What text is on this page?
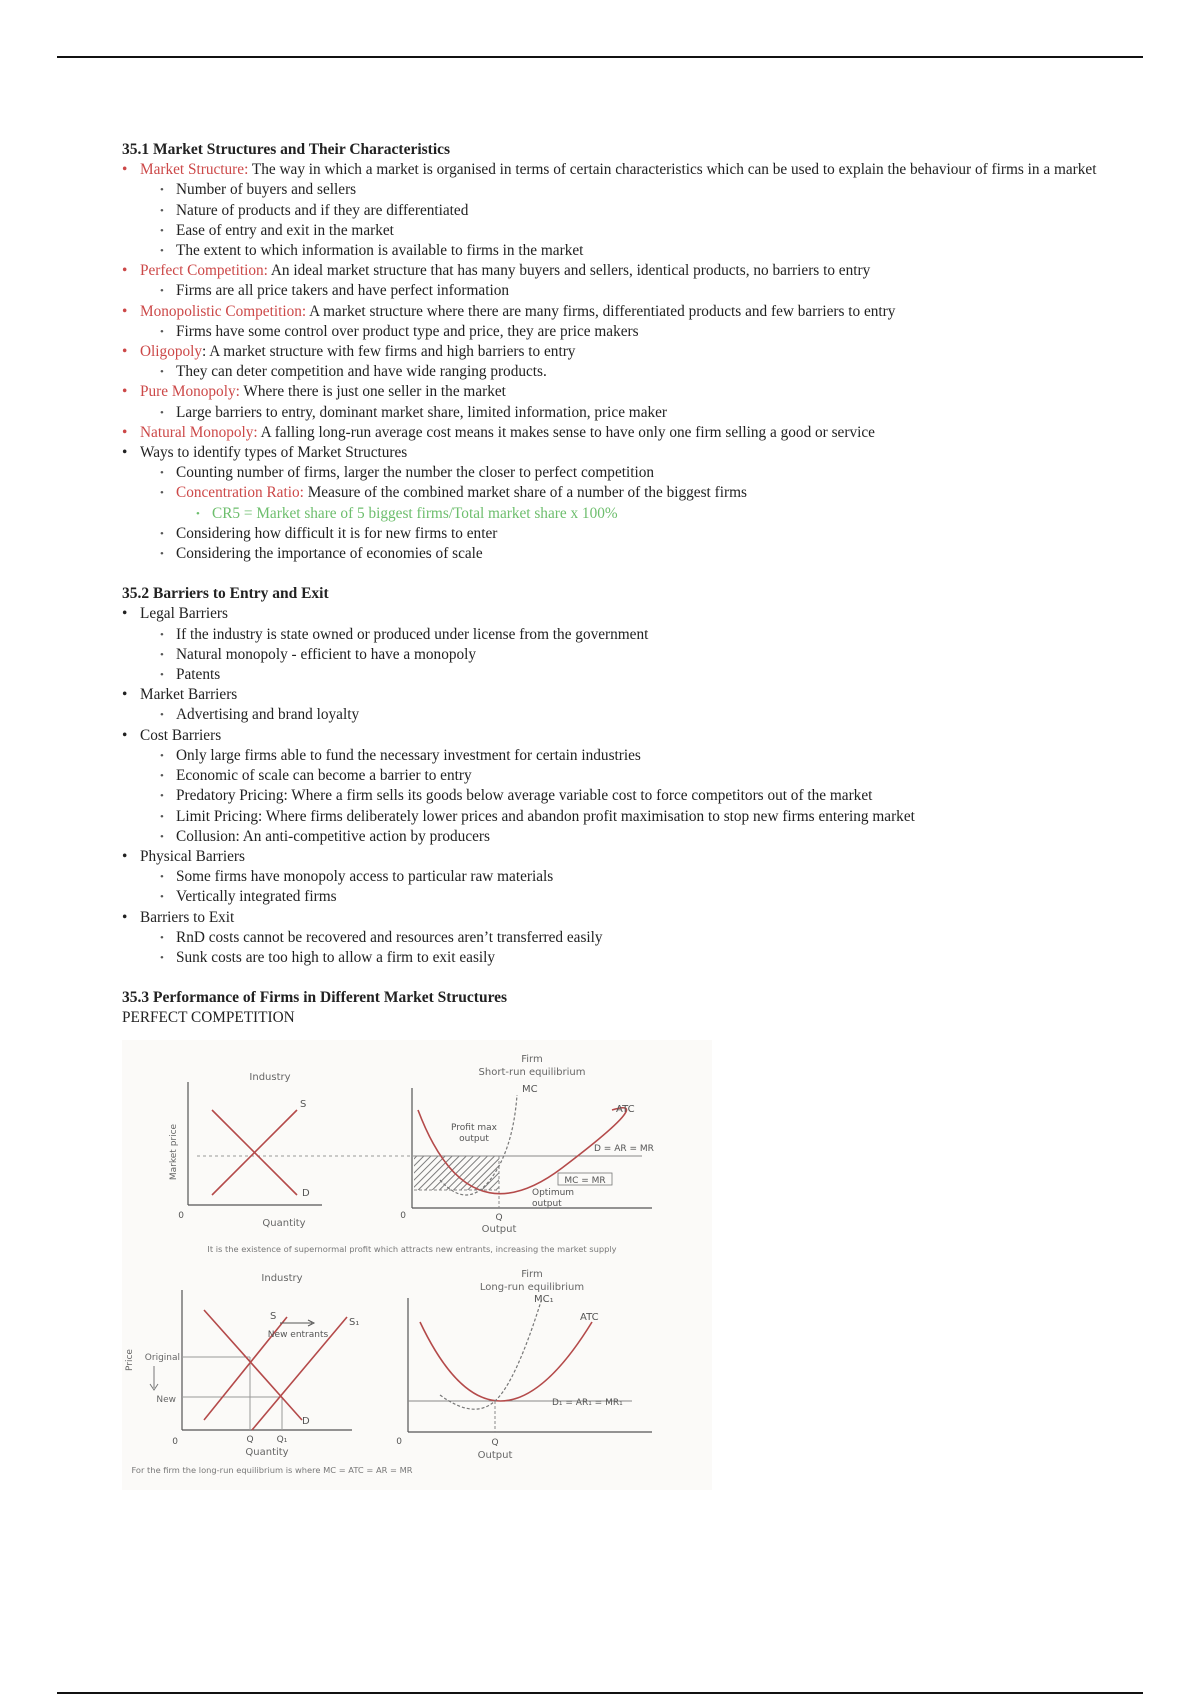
35.1 Market Structures and Their Characteristics
• Market Structure: The way in which a market is organised in terms of certain characteristics which can be used to explain the behaviour of firms in a market
• Number of buyers and sellers
• Nature of products and if they are differentiated
• Ease of entry and exit in the market
• The extent to which information is available to firms in the market
• Perfect Competition: An ideal market structure that has many buyers and sellers, identical products, no barriers to entry
• Firms are all price takers and have perfect information
• Monopolistic Competition: A market structure where there are many firms, differentiated products and few barriers to entry
• Firms have some control over product type and price, they are price makers
• Oligopoly: A market structure with few firms and high barriers to entry
• They can deter competition and have wide ranging products.
• Pure Monopoly: Where there is just one seller in the market
• Large barriers to entry, dominant market share, limited information, price maker
• Natural Monopoly: A falling long-run average cost means it makes sense to have only one firm selling a good or service
• Ways to identify types of Market Structures
• Counting number of firms, larger the number the closer to perfect competition
• Concentration Ratio: Measure of the combined market share of a number of the biggest firms
• CR5 = Market share of 5 biggest firms/Total market share x 100%
• Considering how difficult it is for new firms to enter
• Considering the importance of economies of scale
35.2 Barriers to Entry and Exit
• Legal Barriers
• If the industry is state owned or produced under license from the government
• Natural monopoly - efficient to have a monopoly
• Patents
• Market Barriers
• Advertising and brand loyalty
• Cost Barriers
• Only large firms able to fund the necessary investment for certain industries
• Economic of scale can become a barrier to entry
• Predatory Pricing: Where a firm sells its goods below average variable cost to force competitors out of the market
• Limit Pricing: Where firms deliberately lower prices and abandon profit maximisation to stop new firms entering market
• Collusion: An anti-competitive action by producers
• Physical Barriers
• Some firms have monopoly access to particular raw materials
• Vertically integrated firms
• Barriers to Exit
• RnD costs cannot be recovered and resources aren’t transferred easily
• Sunk costs are too high to allow a firm to exit easily
35.3 Performance of Firms in Different Market Structures

PERFECT COMPETITION

Industry
Market price
0
Quantity
S
D
Firm
Short-run equilibrium
0
MC
ATC
Profit max
output
D = AR = MR
MC = MR
Optimum
output
Q
Output
It is the existence of supernormal profit which attracts new entrants, increasing the market supply
Industry
Price
0
Original
New
S
S₁
New entrants
D
Q	Q₁
Quantity
Firm
Long-run equilibrium
0
MC₁
ATC
D₁ = AR₁ = MR₁
Q
Output
For the firm the long-run equilibrium is where MC = ATC = AR = MR
